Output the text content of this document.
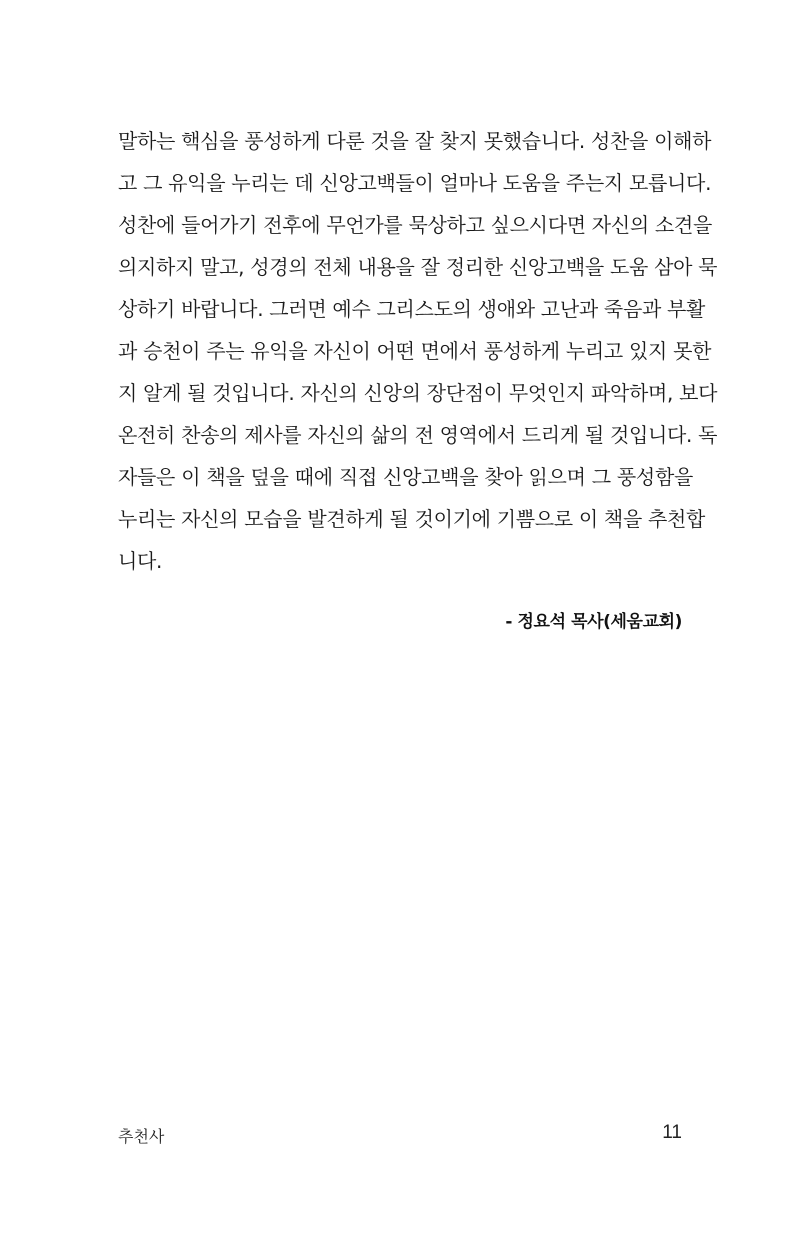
말하는 핵심을 풍성하게 다룬 것을 잘 찾지 못했습니다. 성찬을 이해하
고 그 유익을 누리는 데 신앙고백들이 얼마나 도움을 주는지 모릅니다.
성찬에 들어가기 전후에 무언가를 묵상하고 싶으시다면 자신의 소견을
의지하지 말고, 성경의 전체 내용을 잘 정리한 신앙고백을 도움 삼아 묵
상하기 바랍니다. 그러면 예수 그리스도의 생애와 고난과 죽음과 부활
과 승천이 주는 유익을 자신이 어떤 면에서 풍성하게 누리고 있지 못한
지 알게 될 것입니다. 자신의 신앙의 장단점이 무엇인지 파악하며, 보다
온전히 찬송의 제사를 자신의 삶의 전 영역에서 드리게 될 것입니다. 독
자들은 이 책을 덮을 때에 직접 신앙고백을 찾아 읽으며 그 풍성함을
누리는 자신의 모습을 발견하게 될 것이기에 기쁨으로 이 책을 추천합
니다.
- 정요석 목사(세움교회)
추천사	11
